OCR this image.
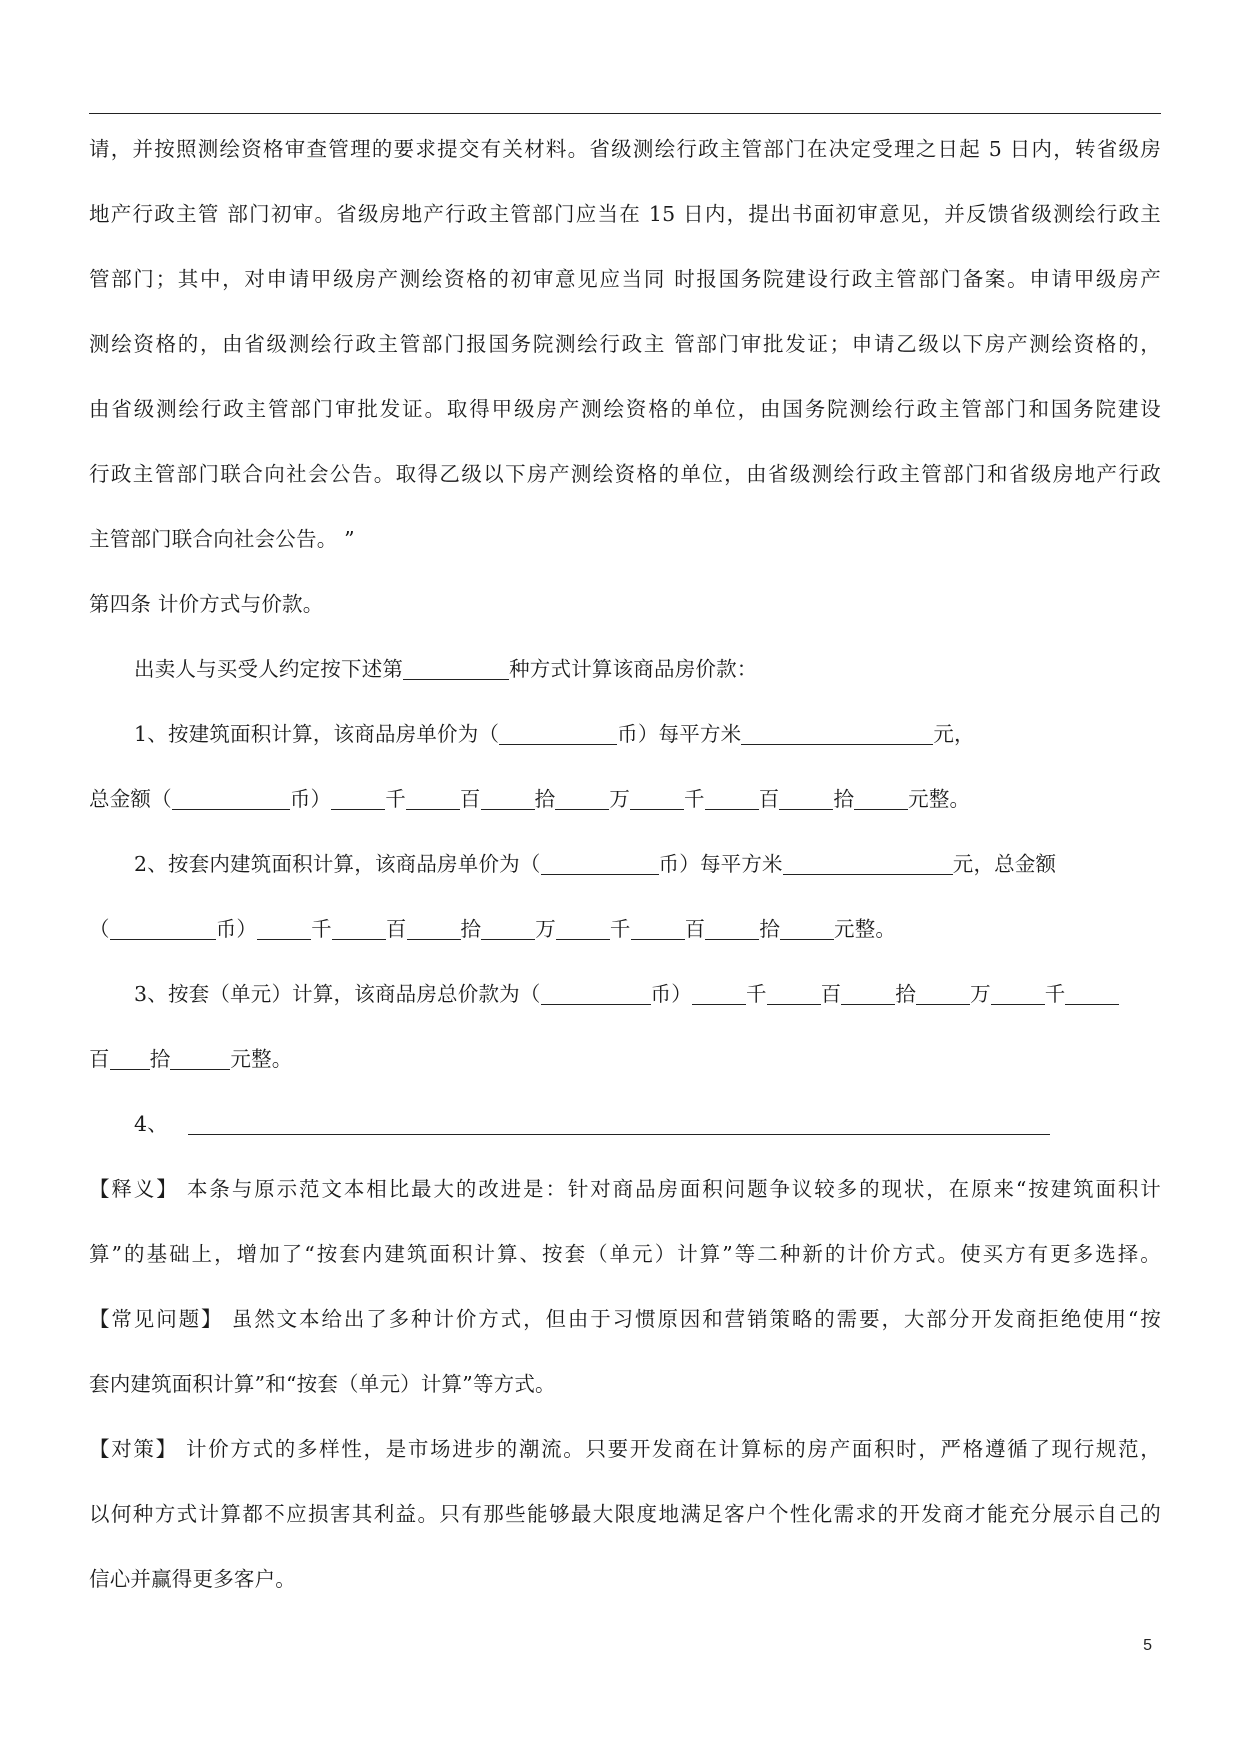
请，并按照测绘资格审查管理的要求提交有关材料。省级测绘行政主管部门在决定受理之日起 5 日内，转省级房
地产行政主管 部门初审。省级房地产行政主管部门应当在 15 日内，提出书面初审意见，并反馈省级测绘行政主
管部门；其中，对申请甲级房产测绘资格的初审意见应当同 时报国务院建设行政主管部门备案。申请甲级房产
测绘资格的，由省级测绘行政主管部门报国务院测绘行政主 管部门审批发证；申请乙级以下房产测绘资格的，
由省级测绘行政主管部门审批发证。取得甲级房产测绘资格的单位，由国务院测绘行政主管部门和国务院建设
行政主管部门联合向社会公告。取得乙级以下房产测绘资格的单位，由省级测绘行政主管部门和省级房地产行政
主管部门联合向社会公告。 ”
第四条 计价方式与价款。
出卖人与买受人约定按下述第	种方式计算该商品房价款：
1、按建筑面积计算，该商品房单价为（	币）每平方米	元，
总金额（	币）	千	百	拾	万	千	百	拾	元整。
2、按套内建筑面积计算，该商品房单价为（	币）每平方米	元，总金额
（	币）	千	百	拾	万	千	百	拾	元整。
3、按套（单元）计算，该商品房总价款为（	币）	千	百	拾	万	千
百 拾	元整。
4、
【释义】 本条与原示范文本相比最大的改进是：针对商品房面积问题争议较多的现状，在原来“按建筑面积计
算”的基础上，增加了“按套内建筑面积计算、按套（单元）计算”等二种新的计价方式。使买方有更多选择。
【常见问题】 虽然文本给出了多种计价方式，但由于习惯原因和营销策略的需要，大部分开发商拒绝使用“按
套内建筑面积计算”和“按套（单元）计算”等方式。
【对策】 计价方式的多样性，是市场进步的潮流。只要开发商在计算标的房产面积时，严格遵循了现行规范，
以何种方式计算都不应损害其利益。只有那些能够最大限度地满足客户个性化需求的开发商才能充分展示自己的
信心并赢得更多客户。
5
